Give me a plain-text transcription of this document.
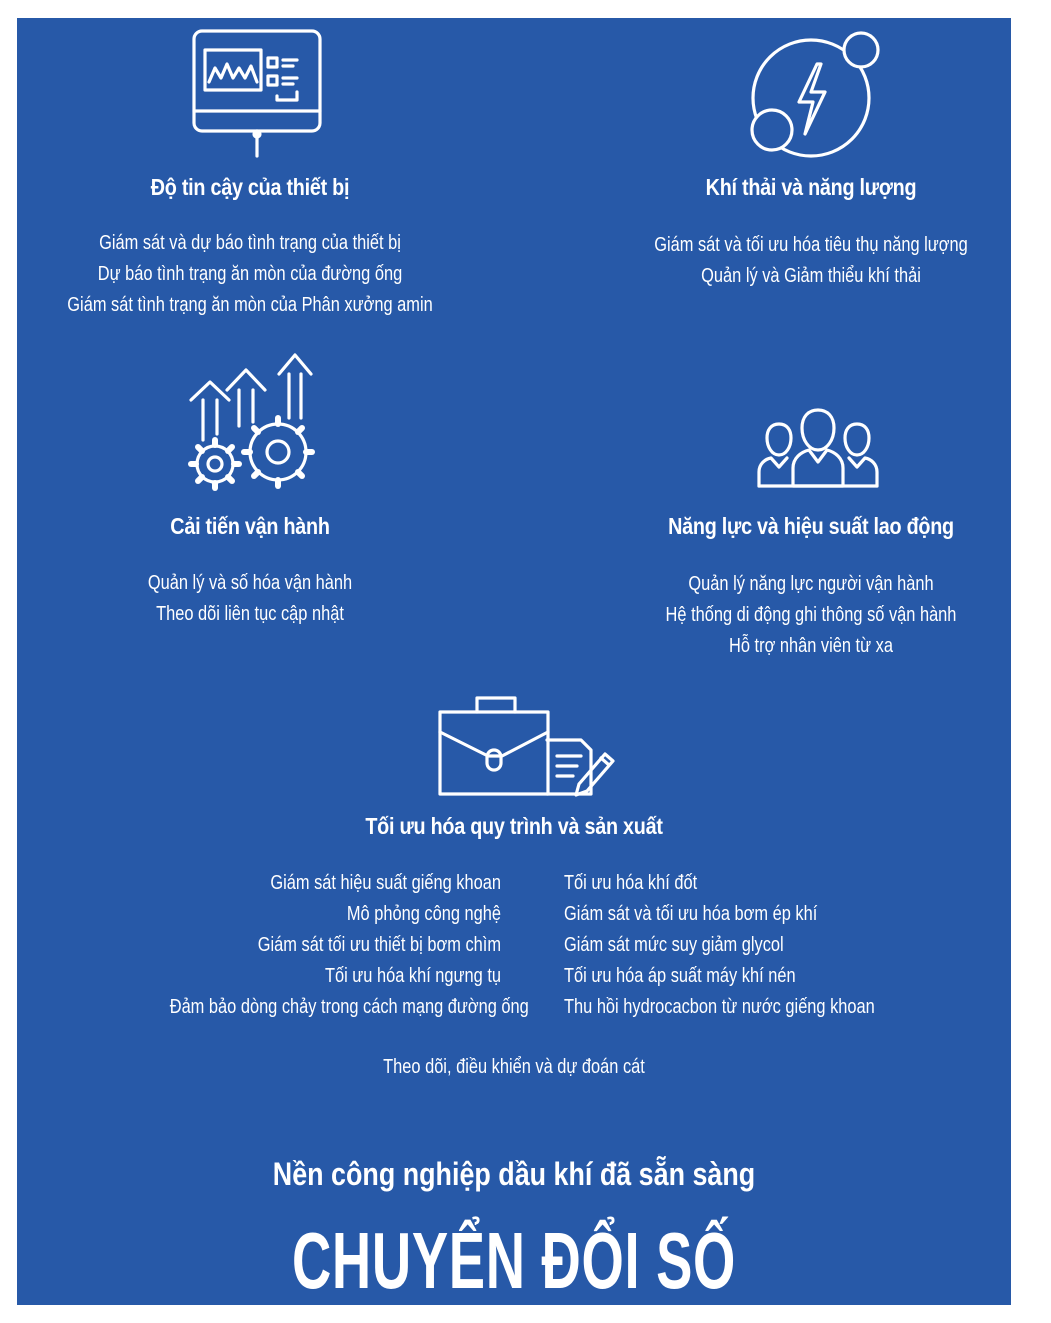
Độ tin cậy của thiết bị
Giám sát và dự báo tình trạng của thiết bị
Dự báo tình trạng ăn mòn của đường ống
Giám sát tình trạng ăn mòn của Phân xưởng amin
Khí thải và năng lượng
Giám sát và tối ưu hóa tiêu thụ năng lượng
Quản lý và Giảm thiểu khí thải
Cải tiến vận hành
Quản lý và số hóa vận hành
Theo dõi liên tục cập nhật
Năng lực và hiệu suất lao động
Quản lý năng lực người vận hành
Hệ thống di động ghi thông số vận hành
Hỗ trợ nhân viên từ xa
Tối ưu hóa quy trình và sản xuất
Giám sát hiệu suất giếng khoan
Mô phỏng công nghệ
Giám sát tối ưu thiết bị bơm chìm
Tối ưu hóa khí ngưng tụ
Đảm bảo dòng chảy trong cách mạng đường ống
Tối ưu hóa khí đốt
Giám sát và tối ưu hóa bơm ép khí
Giám sát mức suy giảm glycol
Tối ưu hóa áp suất máy khí nén
Thu hồi hydrocacbon từ nước giếng khoan
Theo dõi, điều khiển và dự đoán cát
Nền công nghiệp dầu khí đã sẵn sàng
CHUYỂN ĐỔI SỐ
